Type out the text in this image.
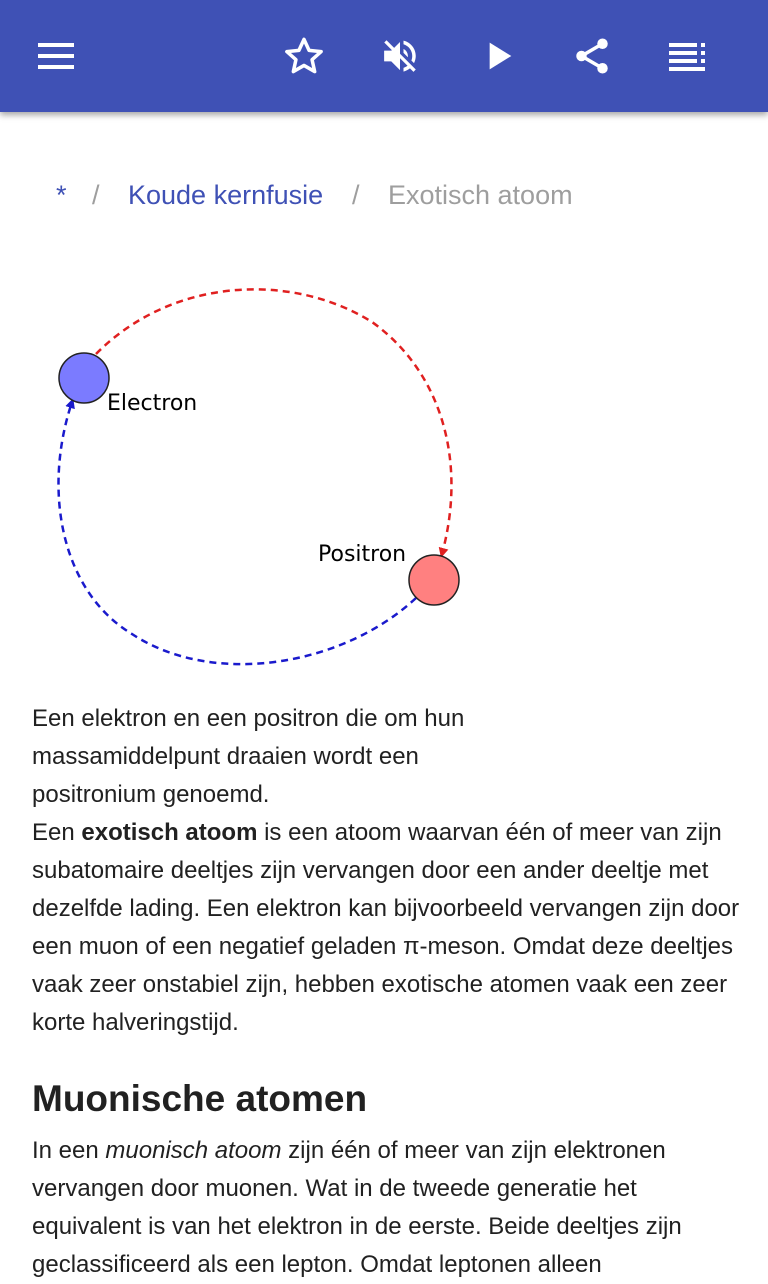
* / Koude kernfusie / Exotisch atoom
Electron
Positron
Een elektron en een positron die om hun massamiddelpunt draaien wordt een positronium genoemd.
Een exotisch atoom is een atoom waarvan één of meer van zijn subatomaire deeltjes zijn vervangen door een ander deeltje met dezelfde lading. Een elektron kan bijvoorbeeld vervangen zijn door een muon of een negatief geladen π-meson. Omdat deze deeltjes vaak zeer onstabiel zijn, hebben exotische atomen vaak een zeer korte halveringstijd.
Muonische atomen
In een muonisch atoom zijn één of meer van zijn elektronen vervangen door muonen. Wat in de tweede generatie het equivalent is van het elektron in de eerste. Beide deeltjes zijn geclassificeerd als een lepton. Omdat leptonen alleen
